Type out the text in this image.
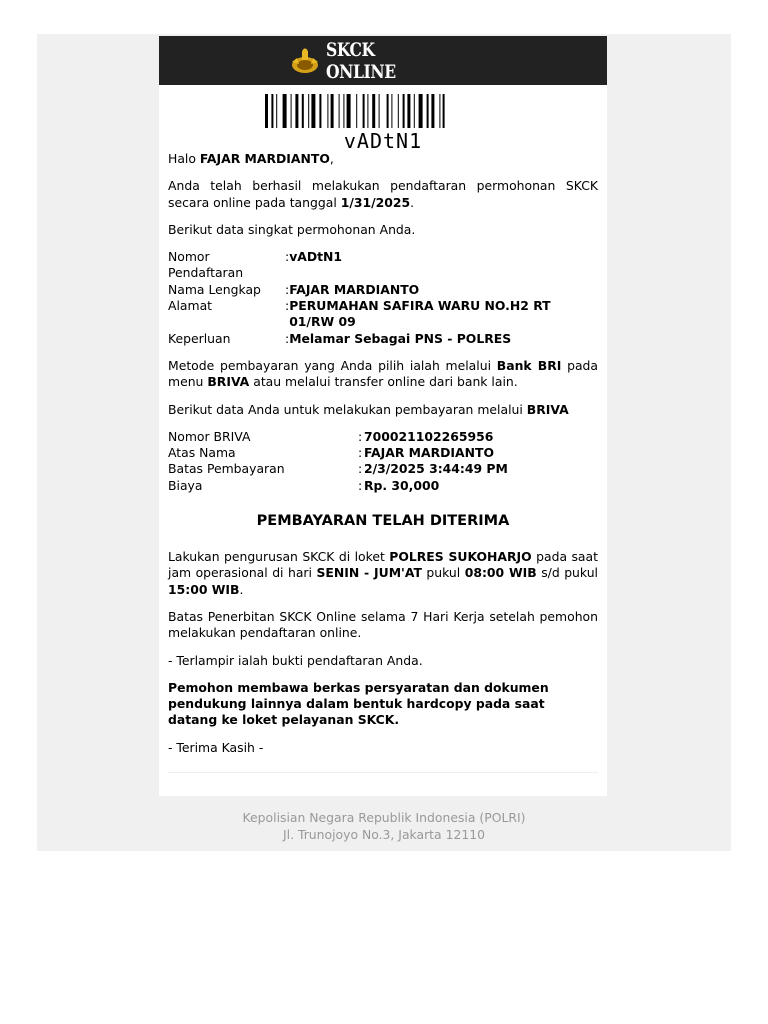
SKCK ONLINE
vADtN1

Halo FAJAR MARDIANTO,

Anda telah berhasil melakukan pendaftaran permohonan SKCK secara online pada tanggal 1/31/2025.

Berikut data singkat permohonan Anda.

Nomor Pendaftaran	:	vADtN1
Nama Lengkap	:	FAJAR MARDIANTO
Alamat	:	PERUMAHAN SAFIRA WARU NO.H2 RT 01/RW 09
Keperluan	:	Melamar Sebagai PNS - POLRES

Metode pembayaran yang Anda pilih ialah melalui Bank BRI pada menu BRIVA atau melalui transfer online dari bank lain.

Berikut data Anda untuk melakukan pembayaran melalui BRIVA

Nomor BRIVA	:	700021102265956
Atas Nama	:	FAJAR MARDIANTO
Batas Pembayaran	:	2/3/2025 3:44:49 PM
Biaya	:	Rp. 30,000

PEMBAYARAN TELAH DITERIMA

Lakukan pengurusan SKCK di loket POLRES SUKOHARJO pada saat jam operasional di hari SENIN - JUM'AT pukul 08:00 WIB s/d pukul 15:00 WIB.

Batas Penerbitan SKCK Online selama 7 Hari Kerja setelah pemohon melakukan pendaftaran online.

- Terlampir ialah bukti pendaftaran Anda.

Pemohon membawa berkas persyaratan dan dokumen pendukung lainnya dalam bentuk hardcopy pada saat datang ke loket pelayanan SKCK.

- Terima Kasih -

Kepolisian Negara Republik Indonesia (POLRI)
Jl. Trunojoyo No.3, Jakarta 12110
